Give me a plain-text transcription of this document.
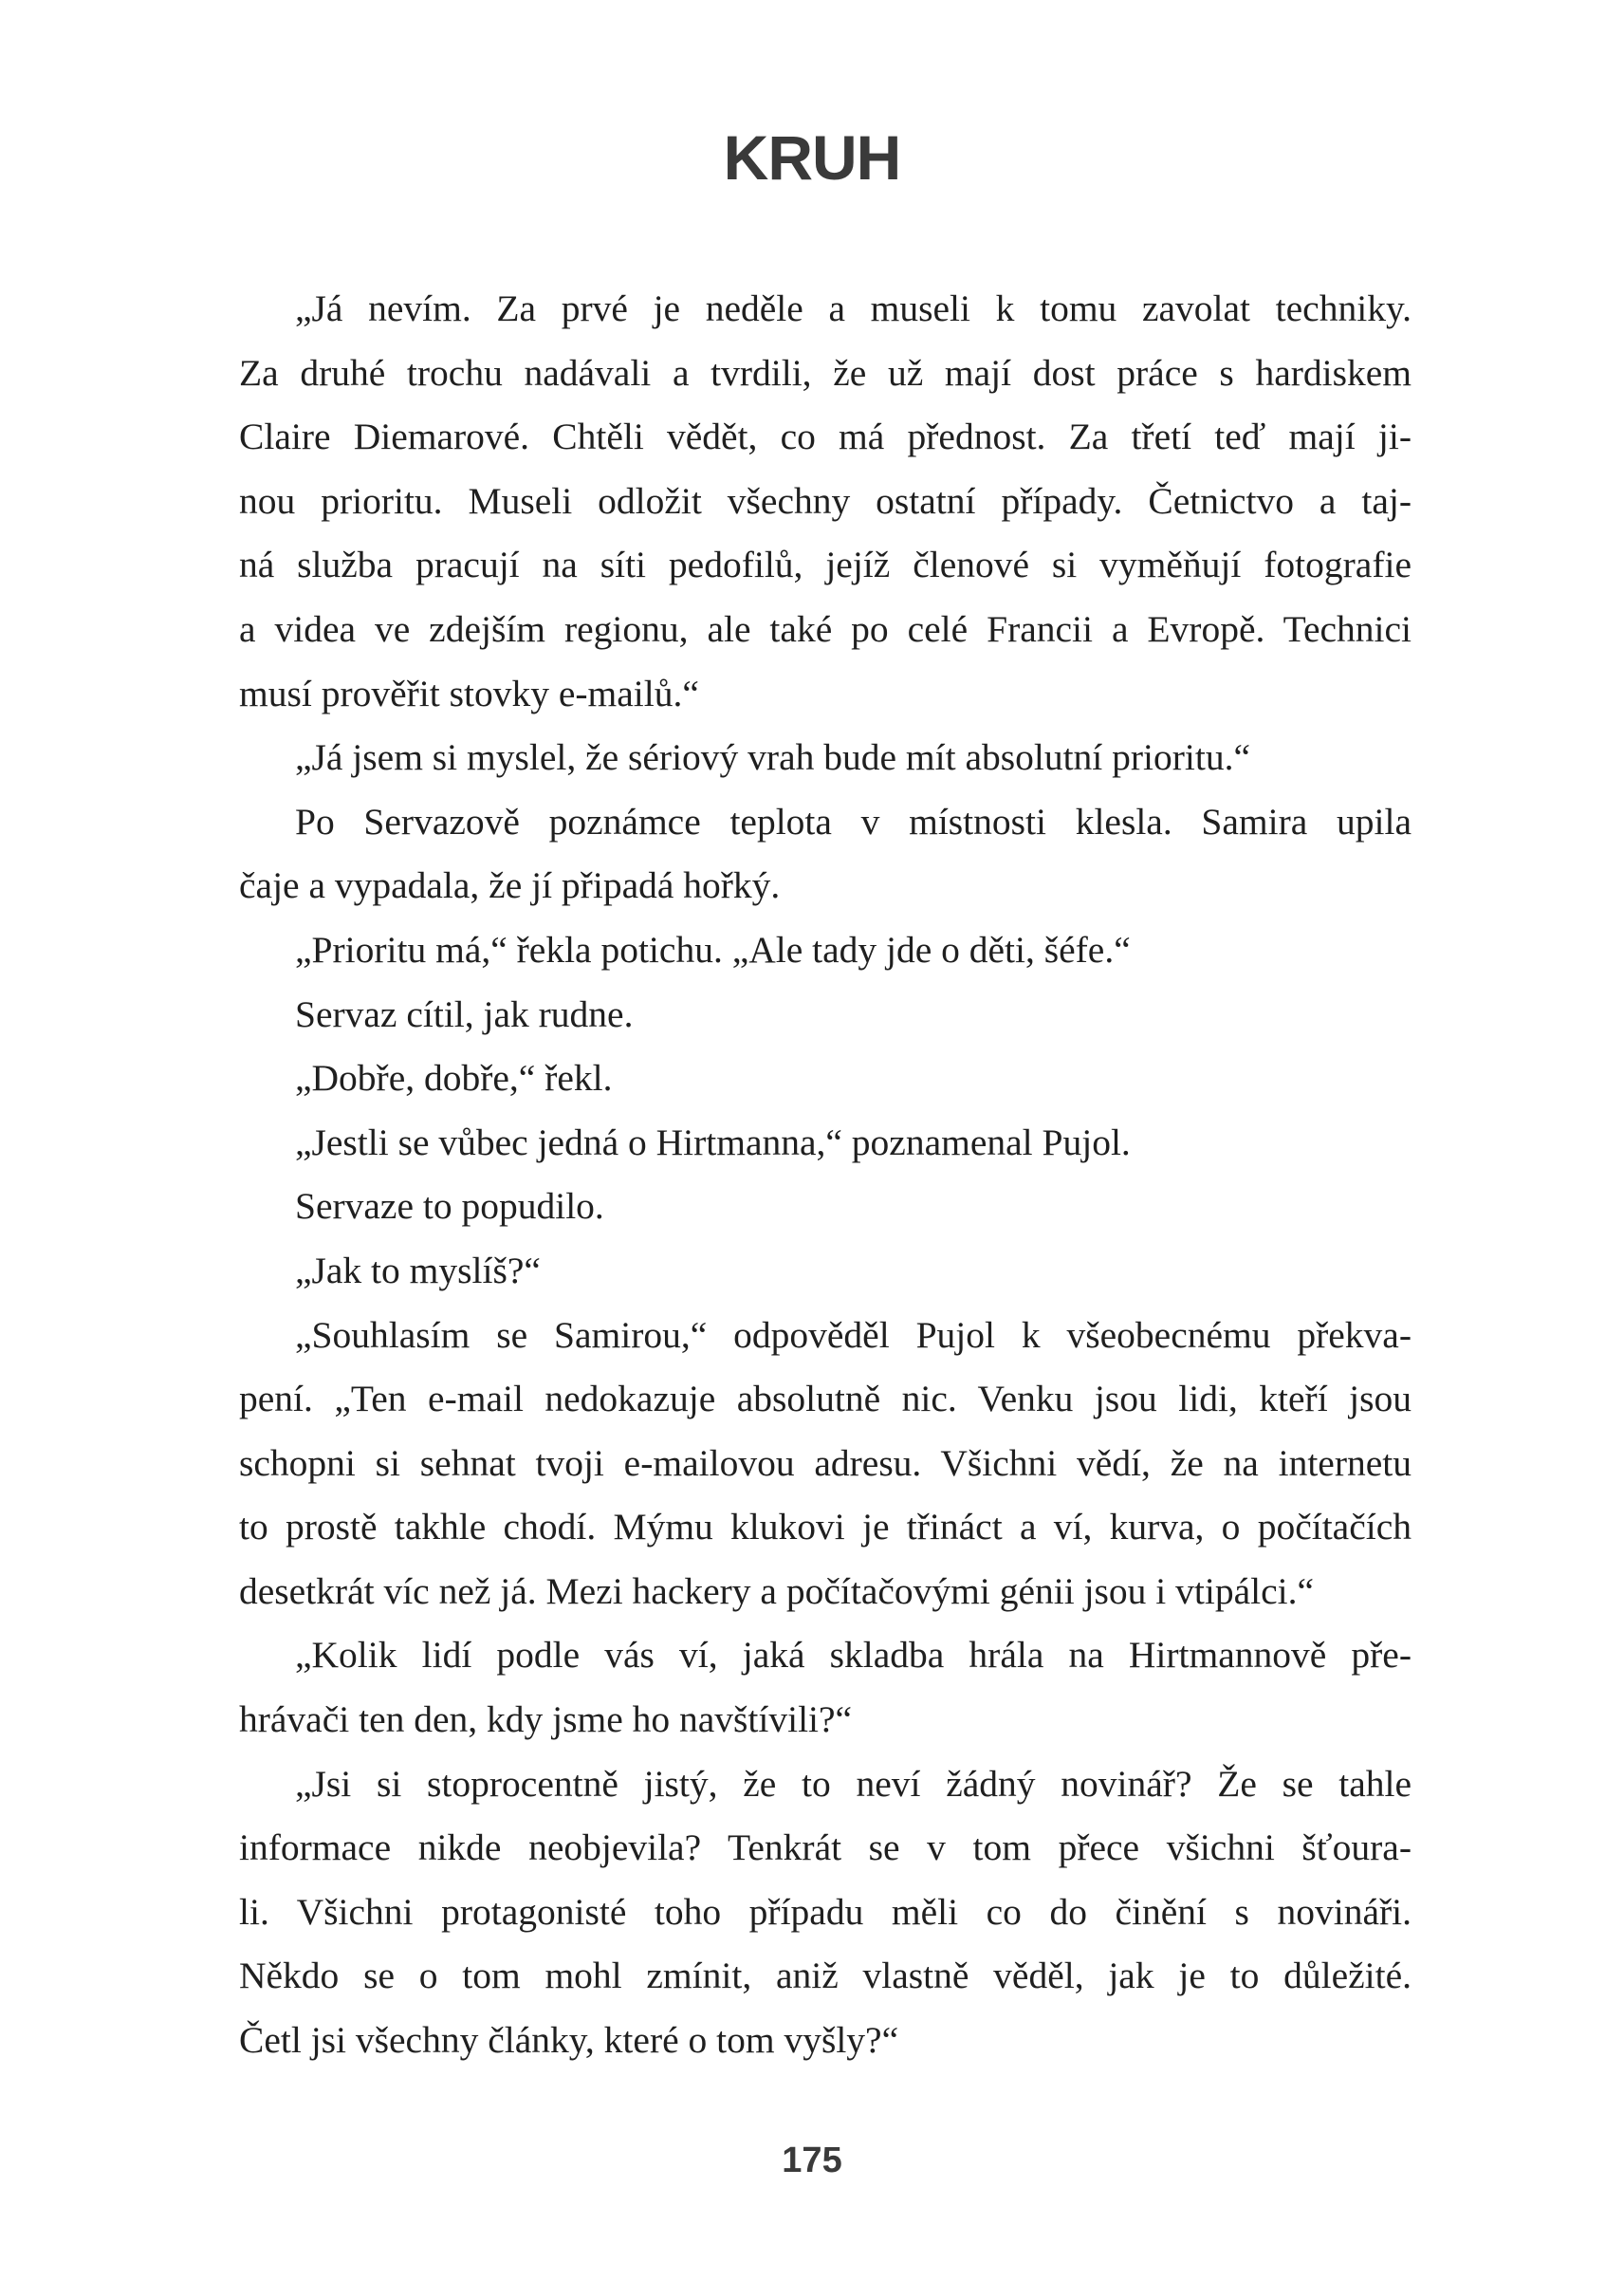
KRUH
„Já nevím. Za prvé je neděle a museli k tomu zavolat techniky.
Za druhé trochu nadávali a tvrdili, že už mají dost práce s hardiskem
Claire Diemarové. Chtěli vědět, co má přednost. Za třetí teď mají ji-
nou prioritu. Museli odložit všechny ostatní případy. Četnictvo a taj-
ná služba pracují na síti pedofilů, jejíž členové si vyměňují fotografie
a videa ve zdejším regionu, ale také po celé Francii a Evropě. Technici
musí prověřit stovky e-mailů.“
„Já jsem si myslel, že sériový vrah bude mít absolutní prioritu.“
Po Servazově poznámce teplota v místnosti klesla. Samira upila
čaje a vypadala, že jí připadá hořký.
„Prioritu má,“ řekla potichu. „Ale tady jde o děti, šéfe.“
Servaz cítil, jak rudne.
„Dobře, dobře,“ řekl.
„Jestli se vůbec jedná o Hirtmanna,“ poznamenal Pujol.
Servaze to popudilo.
„Jak to myslíš?“
„Souhlasím se Samirou,“ odpověděl Pujol k všeobecnému překva-
pení. „Ten e-mail nedokazuje absolutně nic. Venku jsou lidi, kteří jsou
schopni si sehnat tvoji e-mailovou adresu. Všichni vědí, že na internetu
to prostě takhle chodí. Mýmu klukovi je třináct a ví, kurva, o počítačích
desetkrát víc než já. Mezi hackery a počítačovými génii jsou i vtipálci.“
„Kolik lidí podle vás ví, jaká skladba hrála na Hirtmannově pře-
hrávači ten den, kdy jsme ho navštívili?“
„Jsi si stoprocentně jistý, že to neví žádný novinář? Že se tahle
informace nikde neobjevila? Tenkrát se v tom přece všichni šťoura-
li. Všichni protagonisté toho případu měli co do činění s novináři.
Někdo se o tom mohl zmínit, aniž vlastně věděl, jak je to důležité.
Četl jsi všechny články, které o tom vyšly?“
175
